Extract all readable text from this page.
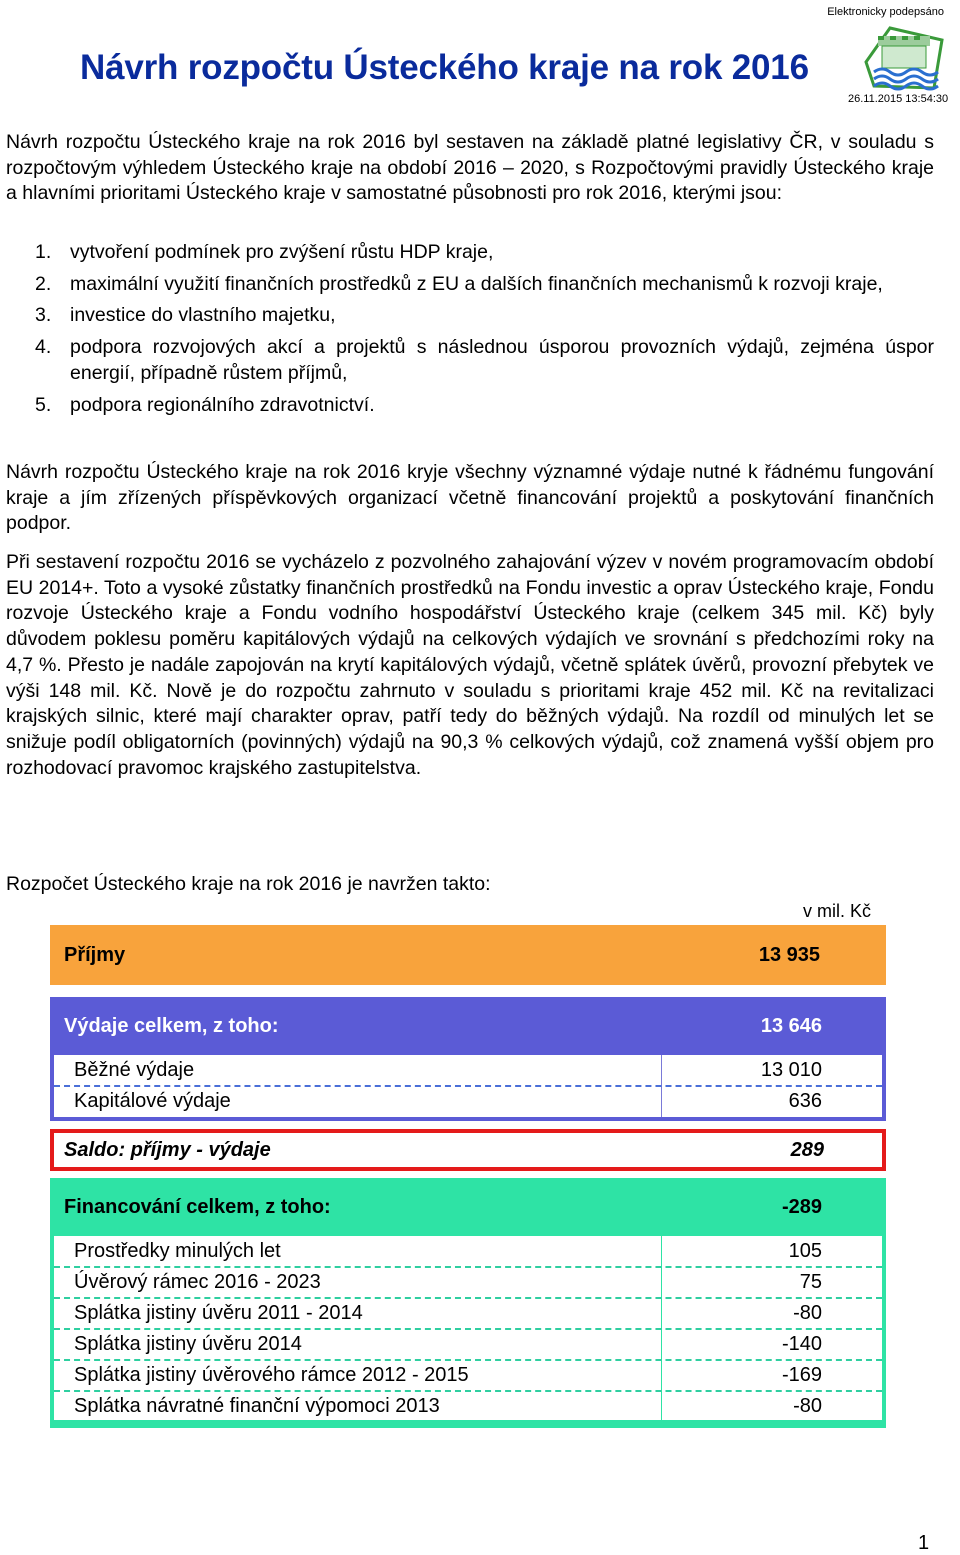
Elektronicky podepsáno
26.11.2015 13:54:30
Návrh rozpočtu Ústeckého kraje na rok 2016
Návrh rozpočtu Ústeckého kraje na rok 2016 byl sestaven na základě platné legislativy ČR, v souladu s rozpočtovým výhledem Ústeckého kraje na období 2016 – 2020, s Rozpočtovými pravidly Ústeckého kraje a hlavními prioritami Ústeckého kraje v samostatné působnosti pro rok 2016, kterými jsou:
1. vytvoření podmínek pro zvýšení růstu HDP kraje,
2. maximální využití finančních prostředků z EU a dalších finančních mechanismů k rozvoji kraje,
3. investice do vlastního majetku,
4. podpora rozvojových akcí a projektů s následnou úsporou provozních výdajů, zejména úspor energií, případně růstem příjmů,
5. podpora regionálního zdravotnictví.
Návrh rozpočtu Ústeckého kraje na rok 2016 kryje všechny významné výdaje nutné k řádnému fungování kraje a jím zřízených příspěvkových organizací včetně financování projektů a poskytování finančních podpor.
Při sestavení rozpočtu 2016 se vycházelo z pozvolného zahajování výzev v novém programovacím období EU 2014+. Toto a vysoké zůstatky finančních prostředků na Fondu investic a oprav Ústeckého kraje, Fondu rozvoje Ústeckého kraje a Fondu vodního hospodářství Ústeckého kraje (celkem 345 mil. Kč) byly důvodem poklesu poměru kapitálových výdajů na celkových výdajích ve srovnání s předchozími roky na 4,7 %. Přesto je nadále zapojován na krytí kapitálových výdajů, včetně splátek úvěrů, provozní přebytek ve výši 148 mil. Kč. Nově je do rozpočtu zahrnuto v souladu s prioritami kraje 452 mil. Kč na revitalizaci krajských silnic, které mají charakter oprav, patří tedy do běžných výdajů. Na rozdíl od minulých let se snižuje podíl obligatorních (povinných) výdajů na 90,3 % celkových výdajů, což znamená vyšší objem pro rozhodovací pravomoc krajského zastupitelstva.
Rozpočet Ústeckého kraje na rok 2016 je navržen takto:
v mil. Kč
Příjmy	13 935
Výdaje celkem, z toho:	13 646
Běžné výdaje	13 010
Kapitálové výdaje	636
Saldo: příjmy - výdaje	289
Financování celkem, z toho:	-289
Prostředky minulých let	105
Úvěrový rámec 2016 - 2023	75
Splátka jistiny úvěru 2011 - 2014	-80
Splátka jistiny úvěru 2014	-140
Splátka jistiny úvěrového rámce 2012 - 2015	-169
Splátka návratné finanční výpomoci 2013	-80
1
